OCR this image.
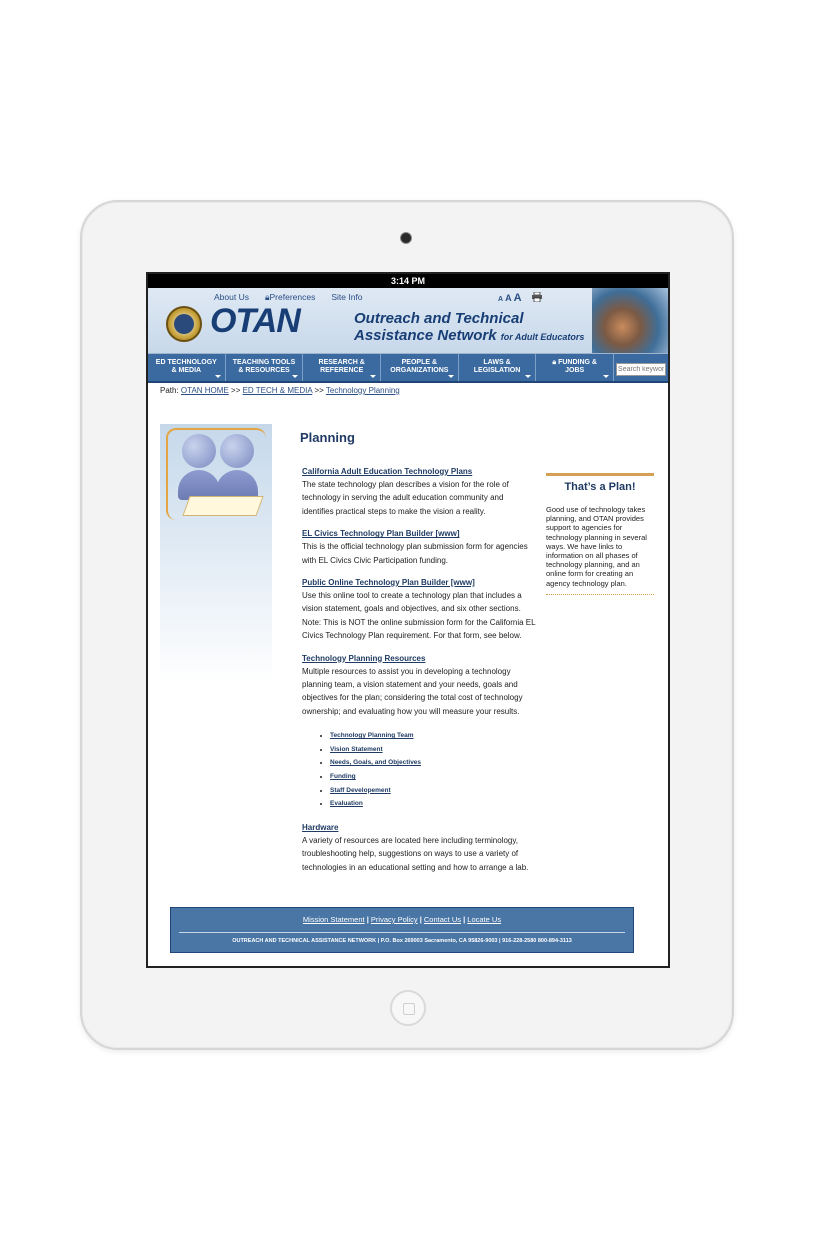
3:14 PM
About Us 🔒︎Preferences Site Info	A A A
OTAN	Outreach and Technical
Assistance Network for Adult Educators
ED TECHNOLOGY
& MEDIA
TEACHING TOOLS
& RESOURCES
RESEARCH &
REFERENCE
PEOPLE &
ORGANIZATIONS
LAWS &
LEGISLATION
🔒︎ FUNDING &
JOBS
Search keywords
Path: OTAN HOME >> ED TECH & MEDIA >> Technology Planning
Planning
California Adult Education Technology Plans
The state technology plan describes a vision for the role of technology in serving the adult education community and identifies practical steps to make the vision a reality.
EL Civics Technology Plan Builder [www]
This is the official technology plan submission form for agencies with EL Civics Civic Participation funding.
Public Online Technology Plan Builder [www]
Use this online tool to create a technology plan that includes a vision statement, goals and objectives, and six other sections. Note: This is NOT the online submission form for the California EL Civics Technology Plan requirement. For that form, see below.
Technology Planning Resources
Multiple resources to assist you in developing a technology planning team, a vision statement and your needs, goals and objectives for the plan; considering the total cost of technology ownership; and evaluating how you will measure your results.
• Technology Planning Team
• Vision Statement
• Needs, Goals, and Objectives
• Funding
• Staff Developement
• Evaluation
Hardware
A variety of resources are located here including terminology, troubleshooting help, suggestions on ways to use a variety of technologies in an educational setting and how to arrange a lab.
That’s a Plan!
Good use of technology takes planning, and OTAN provides support to agencies for technology planning in several ways. We have links to information on all phases of technology planning, and an online form for creating an agency technology plan.
Mission Statement | Privacy Policy | Contact Us | Locate Us
OUTREACH AND TECHNICAL ASSISTANCE NETWORK | P.O. Box 269003 Sacramento, CA 95826-9003 | 916-228-2580 800-894-3113
